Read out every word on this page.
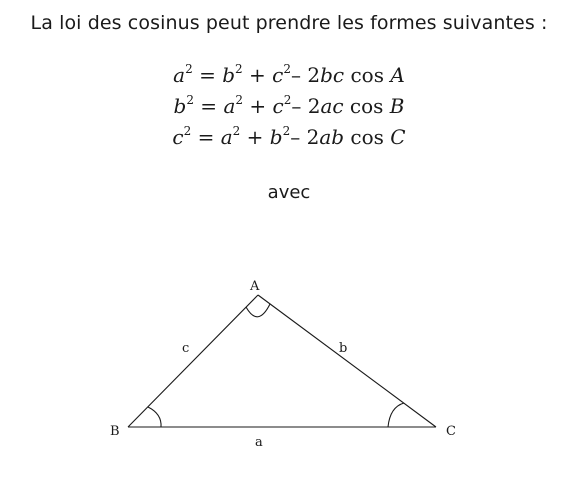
La loi des cosinus peut prendre les formes suivantes :
$a^2 = b^2 + c^2-$ 2bc cos A
$b^2 = a^2 + c^2-$ 2ac cos B
$c^2 = a^2 + b^2-$ 2ab cos C
avec
A
B	C
a
b
c
